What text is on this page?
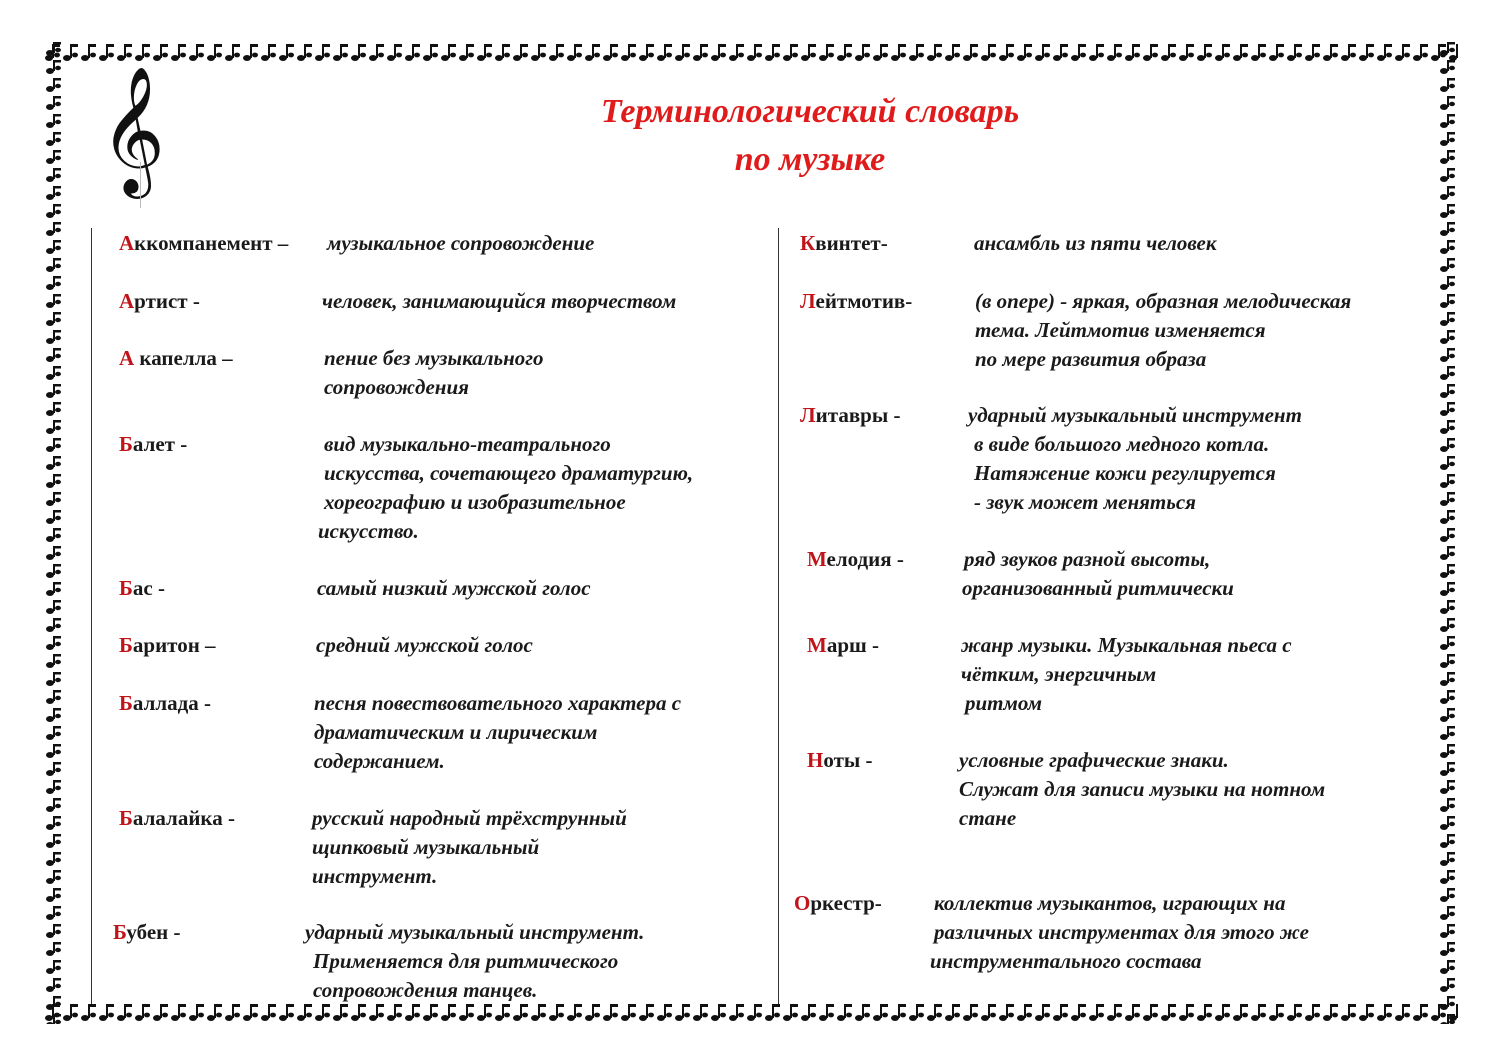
𝄞	Терминологический словарь
по музыке
Аккомпанемент – музыкальное сопровождение
Артист -	человек, занимающийся творчеством
А капелла –	пение без музыкального
сопровождения
Балет -	вид музыкально-театрального
искусства, сочетающего драматургию,
хореографию и изобразительное
искусство.
Бас -	самый низкий мужской голос
Баритон –	средний мужской голос
Баллада -	песня повествовательного характера с
драматическим и лирическим
содержанием.
Балалайка -	русский народный трёхструнный
щипковый музыкальный
инструмент.
Бубен -	ударный музыкальный инструмент.
Применяется для ритмического
сопровождения танцев.
Квинтет-	ансамбль из пяти человек
Лейтмотив-	(в опере) - яркая, образная мелодическая
тема. Лейтмотив изменяется
по мере развития образа
Литавры -	ударный музыкальный инструмент
в виде большого медного котла.
Натяжение кожи регулируется
- звук может меняться
Мелодия -	ряд звуков разной высоты,
организованный ритмически
Марш -	жанр музыки. Музыкальная пьеса с
чётким, энергичным
ритмом
Ноты -	условные графические знаки.
Служат для записи музыки на нотном
стане
Оркестр- коллектив музыкантов, играющих на
различных инструментах для этого же
инструментального состава
